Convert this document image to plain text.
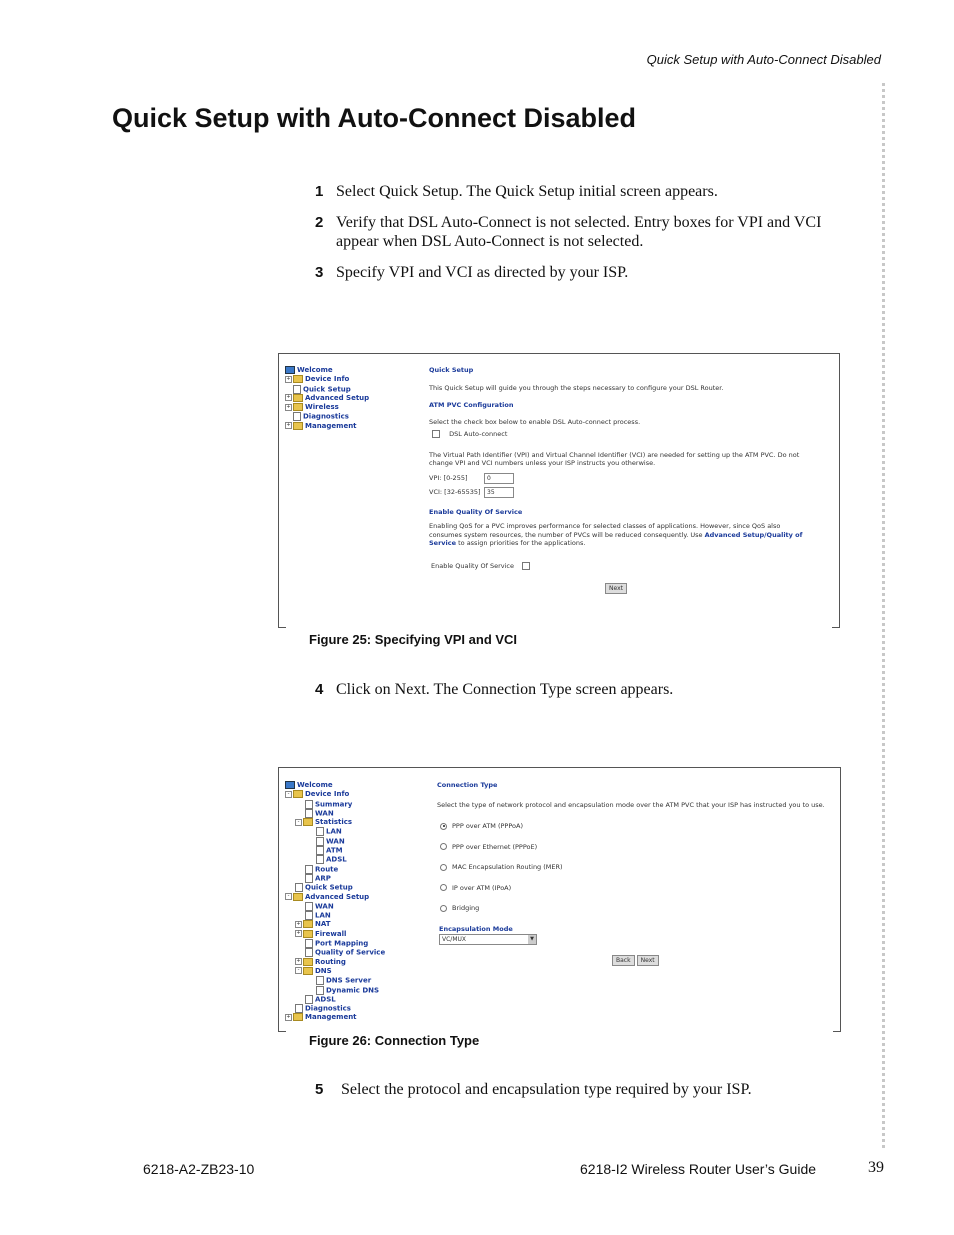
Quick Setup with Auto-Connect Disabled
Quick Setup with Auto-Connect Disabled
1 Select Quick Setup. The Quick Setup initial screen appears.
2 Verify that DSL Auto-Connect is not selected. Entry boxes for VPI and VCI appear when DSL Auto-Connect is not selected.
3 Specify VPI and VCI as directed by your ISP.
Welcome
+ Device Info
Quick Setup
+ Advanced Setup
+ Wireless
Diagnostics
+ Management
Quick Setup
This Quick Setup will guide you through the steps necessary to configure your DSL Router.
ATM PVC Configuration
Select the check box below to enable DSL Auto-connect process.
DSL Auto-connect
The Virtual Path Identifier (VPI) and Virtual Channel Identifier (VCI) are needed for setting up the ATM PVC. Do not change VPI and VCI numbers unless your ISP instructs you otherwise.
VPI: [0-255]	0
VCI: [32-65535] 35
Enable Quality Of Service
Enabling QoS for a PVC improves performance for selected classes of applications. However, since QoS also consumes system resources, the number of PVCs will be reduced consequently. Use Advanced Setup/Quality of Service to assign priorities for the applications.
Enable Quality Of Service
Next
Figure 25: Specifying VPI and VCI
4 Click on Next. The Connection Type screen appears.
Welcome
- Device Info
Summary
WAN
- Statistics
LAN
WAN
ATM
ADSL
Route
ARP
Quick Setup
- Advanced Setup
WAN
LAN
+ NAT
+ Firewall
Port Mapping
Quality of Service
+ Routing
- DNS
DNS Server
Dynamic DNS
ADSL
Diagnostics
+ Management
Connection Type
Select the type of network protocol and encapsulation mode over the ATM PVC that your ISP has instructed you to use.
PPP over ATM (PPPoA)
PPP over Ethernet (PPPoE)
MAC Encapsulation Routing (MER)
IP over ATM (IPoA)
Bridging
Encapsulation Mode
VC/MUX	▼
Back Next
Figure 26: Connection Type
5 Select the protocol and encapsulation type required by your ISP.
6218-A2-ZB23-10	6218-I2 Wireless Router User’s Guide	39
